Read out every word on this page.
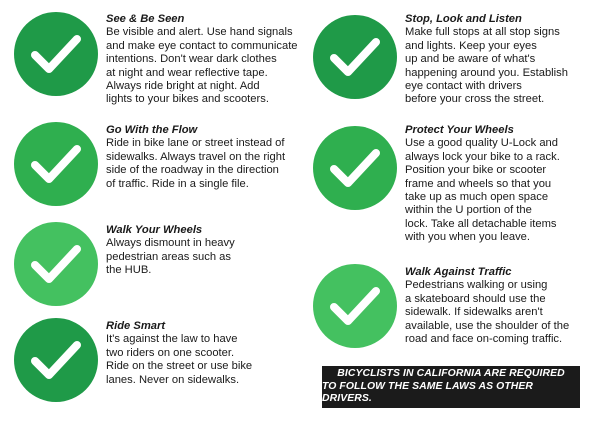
See & Be Seen
Be visible and alert. Use hand signals
and make eye contact to communicate
intentions. Don't wear dark clothes
at night and wear reflective tape.
Always ride bright at night. Add
lights to your bikes and scooters.
Go With the Flow
Ride in bike lane or street instead of
sidewalks. Always travel on the right
side of the roadway in the direction
of traffic. Ride in a single file.
Walk Your Wheels
Always dismount in heavy
pedestrian areas such as
the HUB.
Ride Smart
It's against the law to have
two riders on one scooter.
Ride on the street or use bike
lanes. Never on sidewalks.
Stop, Look and Listen
Make full stops at all stop signs
and lights. Keep your eyes
up and be aware of what's
happening around you. Establish
eye contact with drivers
before your cross the street.
Protect Your Wheels
Use a good quality U-Lock and
always lock your bike to a rack.
Position your bike or scooter
frame and wheels so that you
take up as much open space
within the U portion of the
lock. Take all detachable items
with you when you leave.
Walk Against Traffic
Pedestrians walking or using
a skateboard should use the
sidewalk. If sidewalks aren't
available, use the shoulder of the
road and face on-coming traffic.
BICYCLISTS IN CALIFORNIA ARE REQUIRED
TO FOLLOW THE SAME LAWS AS OTHER DRIVERS.
